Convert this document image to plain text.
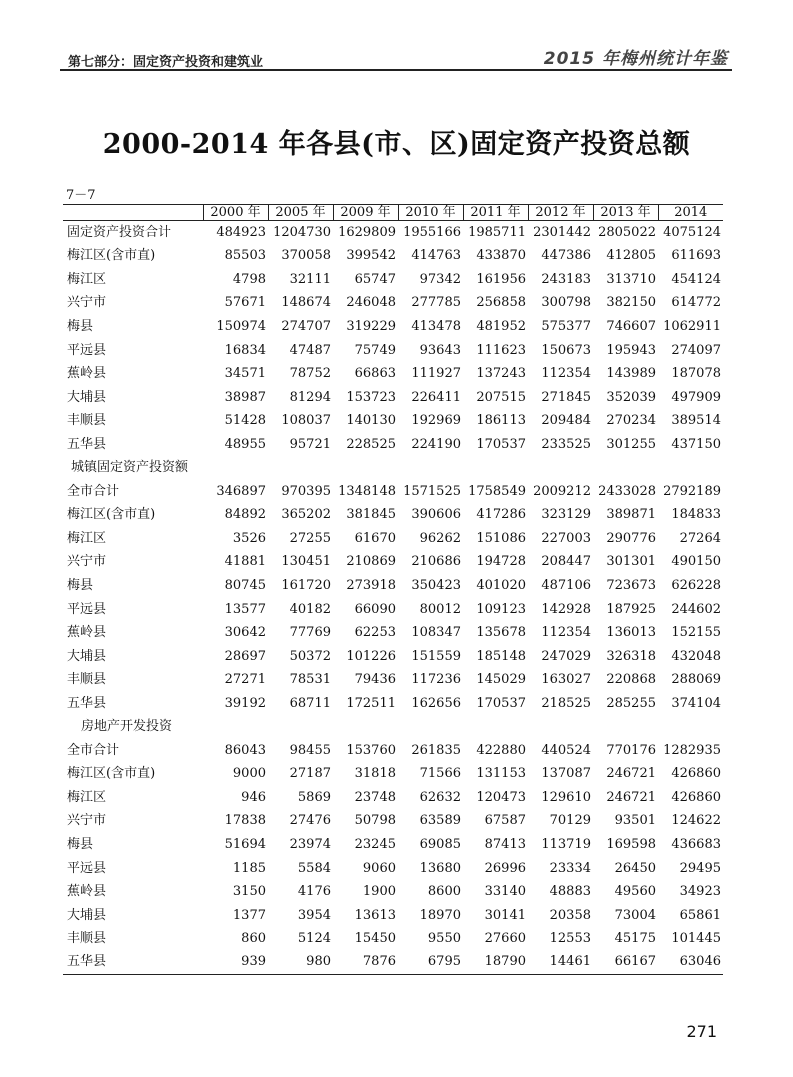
第七部分：固定资产投资和建筑业	2015 年梅州统计年鉴
2000-2014 年各县(市、区)固定资产投资总额
7－7
	2000 年	2005 年	2009 年	2010 年	2011 年	2012 年	2013 年	2014
固定资产投资合计	484923	1204730	1629809	1955166	1985711	2301442	2805022	4075124
梅江区(含市直)	85503	370058	399542	414763	433870	447386	412805	611693
梅江区	4798	32111	65747	97342	161956	243183	313710	454124
兴宁市	57671	148674	246048	277785	256858	300798	382150	614772
梅县	150974	274707	319229	413478	481952	575377	746607	1062911
平远县	16834	47487	75749	93643	111623	150673	195943	274097
蕉岭县	34571	78752	66863	111927	137243	112354	143989	187078
大埔县	38987	81294	153723	226411	207515	271845	352039	497909
丰顺县	51428	108037	140130	192969	186113	209484	270234	389514
五华县	48955	95721	228525	224190	170537	233525	301255	437150
城镇固定资产投资额								
全市合计	346897	970395	1348148	1571525	1758549	2009212	2433028	2792189
梅江区(含市直)	84892	365202	381845	390606	417286	323129	389871	184833
梅江区	3526	27255	61670	96262	151086	227003	290776	27264
兴宁市	41881	130451	210869	210686	194728	208447	301301	490150
梅县	80745	161720	273918	350423	401020	487106	723673	626228
平远县	13577	40182	66090	80012	109123	142928	187925	244602
蕉岭县	30642	77769	62253	108347	135678	112354	136013	152155
大埔县	28697	50372	101226	151559	185148	247029	326318	432048
丰顺县	27271	78531	79436	117236	145029	163027	220868	288069
五华县	39192	68711	172511	162656	170537	218525	285255	374104
房地产开发投资								
全市合计	86043	98455	153760	261835	422880	440524	770176	1282935
梅江区(含市直)	9000	27187	31818	71566	131153	137087	246721	426860
梅江区	946	5869	23748	62632	120473	129610	246721	426860
兴宁市	17838	27476	50798	63589	67587	70129	93501	124622
梅县	51694	23974	23245	69085	87413	113719	169598	436683
平远县	1185	5584	9060	13680	26996	23334	26450	29495
蕉岭县	3150	4176	1900	8600	33140	48883	49560	34923
大埔县	1377	3954	13613	18970	30141	20358	73004	65861
丰顺县	860	5124	15450	9550	27660	12553	45175	101445
五华县	939	980	7876	6795	18790	14461	66167	63046
271
